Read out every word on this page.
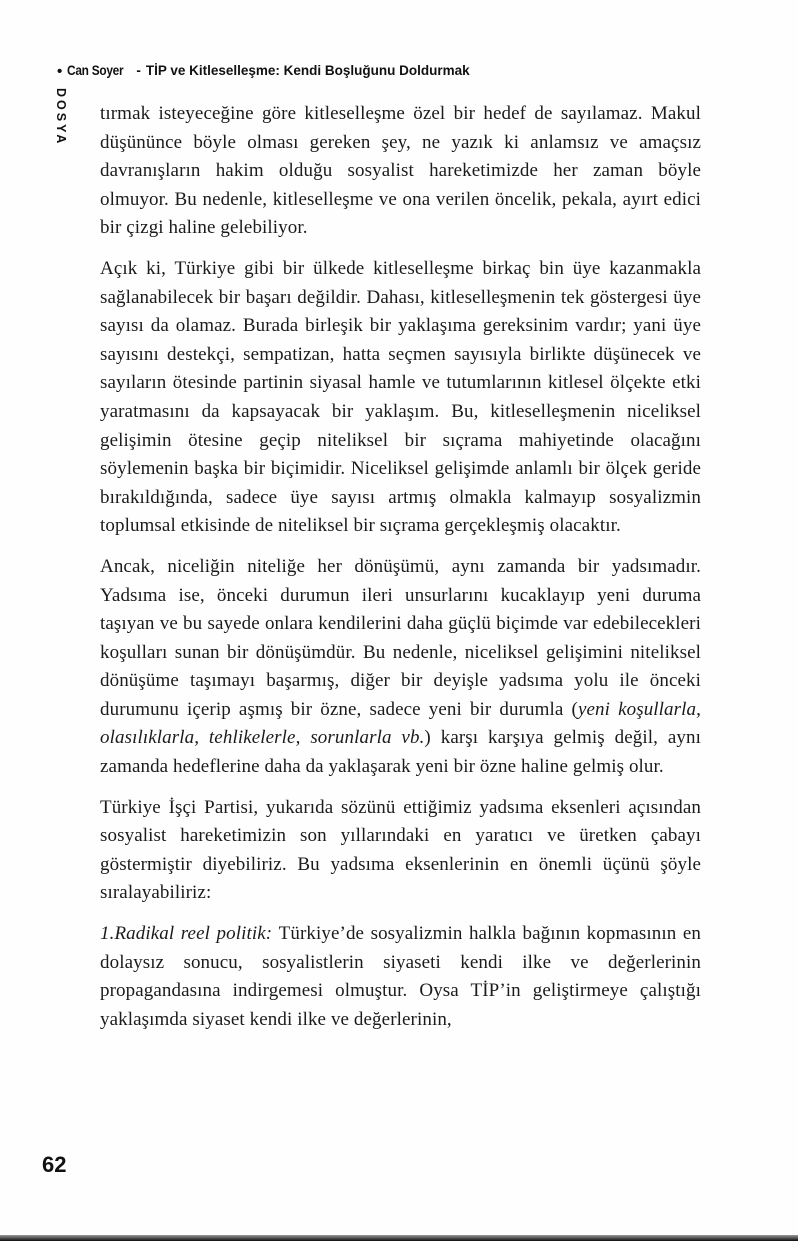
• Can Soyer - TİP ve Kitleselleşme: Kendi Boşluğunu Doldurmak
DOSYA tırmak isteyeceğine göre kitleselleşme özel bir hedef de sayılamaz. Makul düşününce böyle olması gereken şey, ne yazık ki anlamsız ve amaçsız davranışların hakim olduğu sosyalist hareketimizde her zaman böyle olmuyor. Bu nedenle, kitleselleşme ve ona verilen öncelik, pekala, ayırt edici bir çizgi haline gelebiliyor.

Açık ki, Türkiye gibi bir ülkede kitleselleşme birkaç bin üye kazanmakla sağlanabilecek bir başarı değildir. Dahası, kitleselleşmenin tek göstergesi üye sayısı da olamaz. Burada birleşik bir yaklaşıma gereksinim vardır; yani üye sayısını destekçi, sempatizan, hatta seçmen sayısıyla birlikte düşünecek ve sayıların ötesinde partinin siyasal hamle ve tutumlarının kitlesel ölçekte etki yaratmasını da kapsayacak bir yaklaşım. Bu, kitleselleşmenin niceliksel gelişimin ötesine geçip niteliksel bir sıçrama mahiyetinde olacağını söylemenin başka bir biçimidir. Niceliksel gelişimde anlamlı bir ölçek geride bırakıldığında, sadece üye sayısı artmış olmakla kalmayıp sosyalizmin toplumsal etkisinde de niteliksel bir sıçrama gerçekleşmiş olacaktır.

Ancak, niceliğin niteliğe her dönüşümü, aynı zamanda bir yadsımadır. Yadsıma ise, önceki durumun ileri unsurlarını kucaklayıp yeni duruma taşıyan ve bu sayede onlara kendilerini daha güçlü biçimde var edebilecekleri koşulları sunan bir dönüşümdür. Bu nedenle, niceliksel gelişimini niteliksel dönüşüme taşımayı başarmış, diğer bir deyişle yadsıma yolu ile önceki durumunu içerip aşmış bir özne, sadece yeni bir durumla (yeni koşullarla, olasılıklarla, tehlikelerle, sorunlarla vb.) karşı karşıya gelmiş değil, aynı zamanda hedeflerine daha da yaklaşarak yeni bir özne haline gelmiş olur.

Türkiye İşçi Partisi, yukarıda sözünü ettiğimiz yadsıma eksenleri açısından sosyalist hareketimizin son yıllarındaki en yaratıcı ve üretken çabayı göstermiştir diyebiliriz. Bu yadsıma eksenlerinin en önemli üçünü şöyle sıralayabiliriz:

1.Radikal reel politik: Türkiye’de sosyalizmin halkla bağının kopmasının en dolaysız sonucu, sosyalistlerin siyaseti kendi ilke ve değerlerinin propagandasına indirgemesi olmuştur. Oysa TİP’in geliştirmeye çalıştığı yaklaşımda siyaset kendi ilke ve değerlerinin,

62
